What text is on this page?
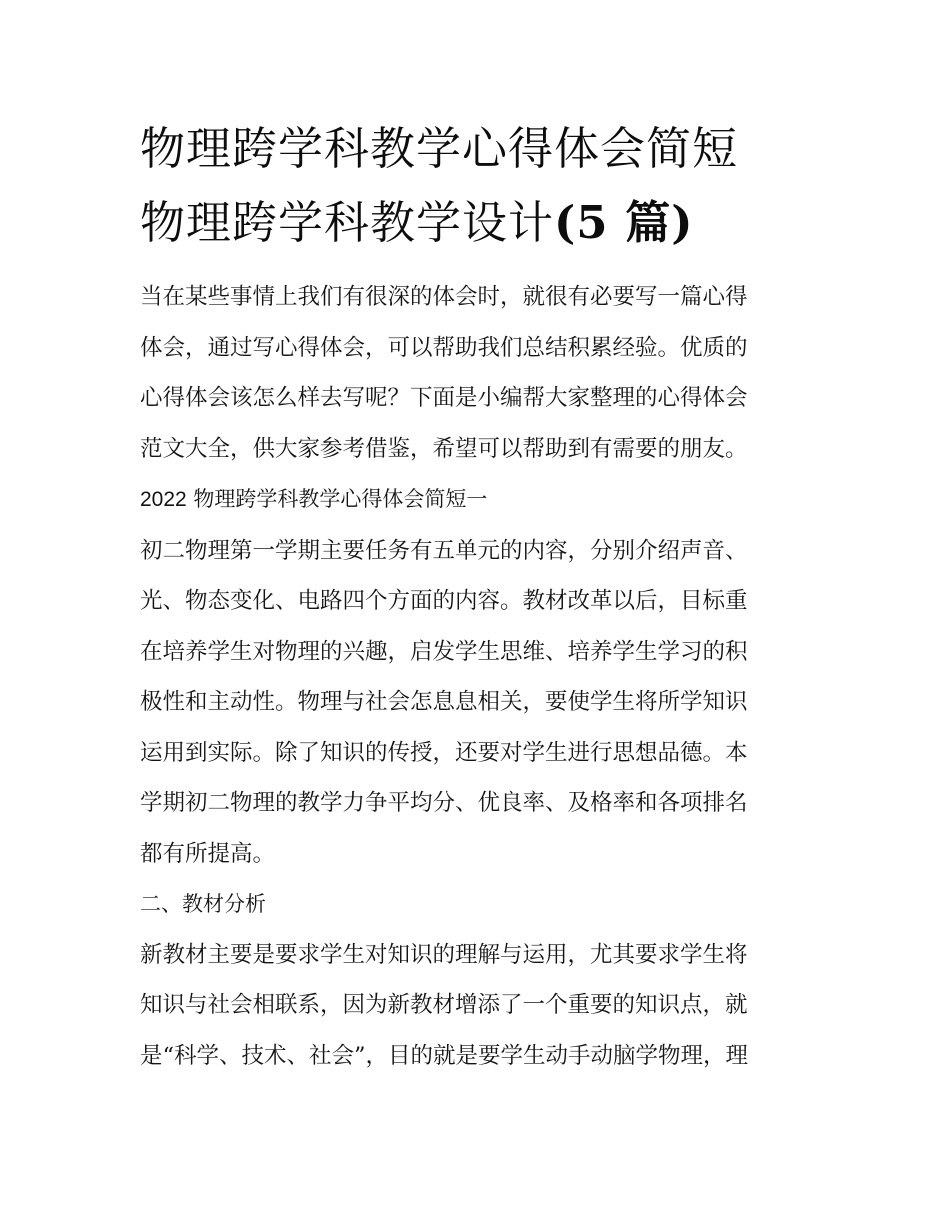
物理跨学科教学心得体会简短
物理跨学科教学设计(5 篇)

当在某些事情上我们有很深的体会时，就很有必要写一篇心得
体会，通过写心得体会，可以帮助我们总结积累经验。优质的
心得体会该怎么样去写呢？下面是小编帮大家整理的心得体会
范文大全，供大家参考借鉴，希望可以帮助到有需要的朋友。

2022 物理跨学科教学心得体会简短一

初二物理第一学期主要任务有五单元的内容，分别介绍声音、
光、物态变化、电路四个方面的内容。教材改革以后，目标重
在培养学生对物理的兴趣，启发学生思维、培养学生学习的积
极性和主动性。物理与社会怎息息相关，要使学生将所学知识
运用到实际。除了知识的传授，还要对学生进行思想品德。本
学期初二物理的教学力争平均分、优良率、及格率和各项排名
都有所提高。

二、教材分析

新教材主要是要求学生对知识的理解与运用，尤其要求学生将
知识与社会相联系，因为新教材增添了一个重要的知识点，就
是“科学、技术、社会”，目的就是要学生动手动脑学物理，理
